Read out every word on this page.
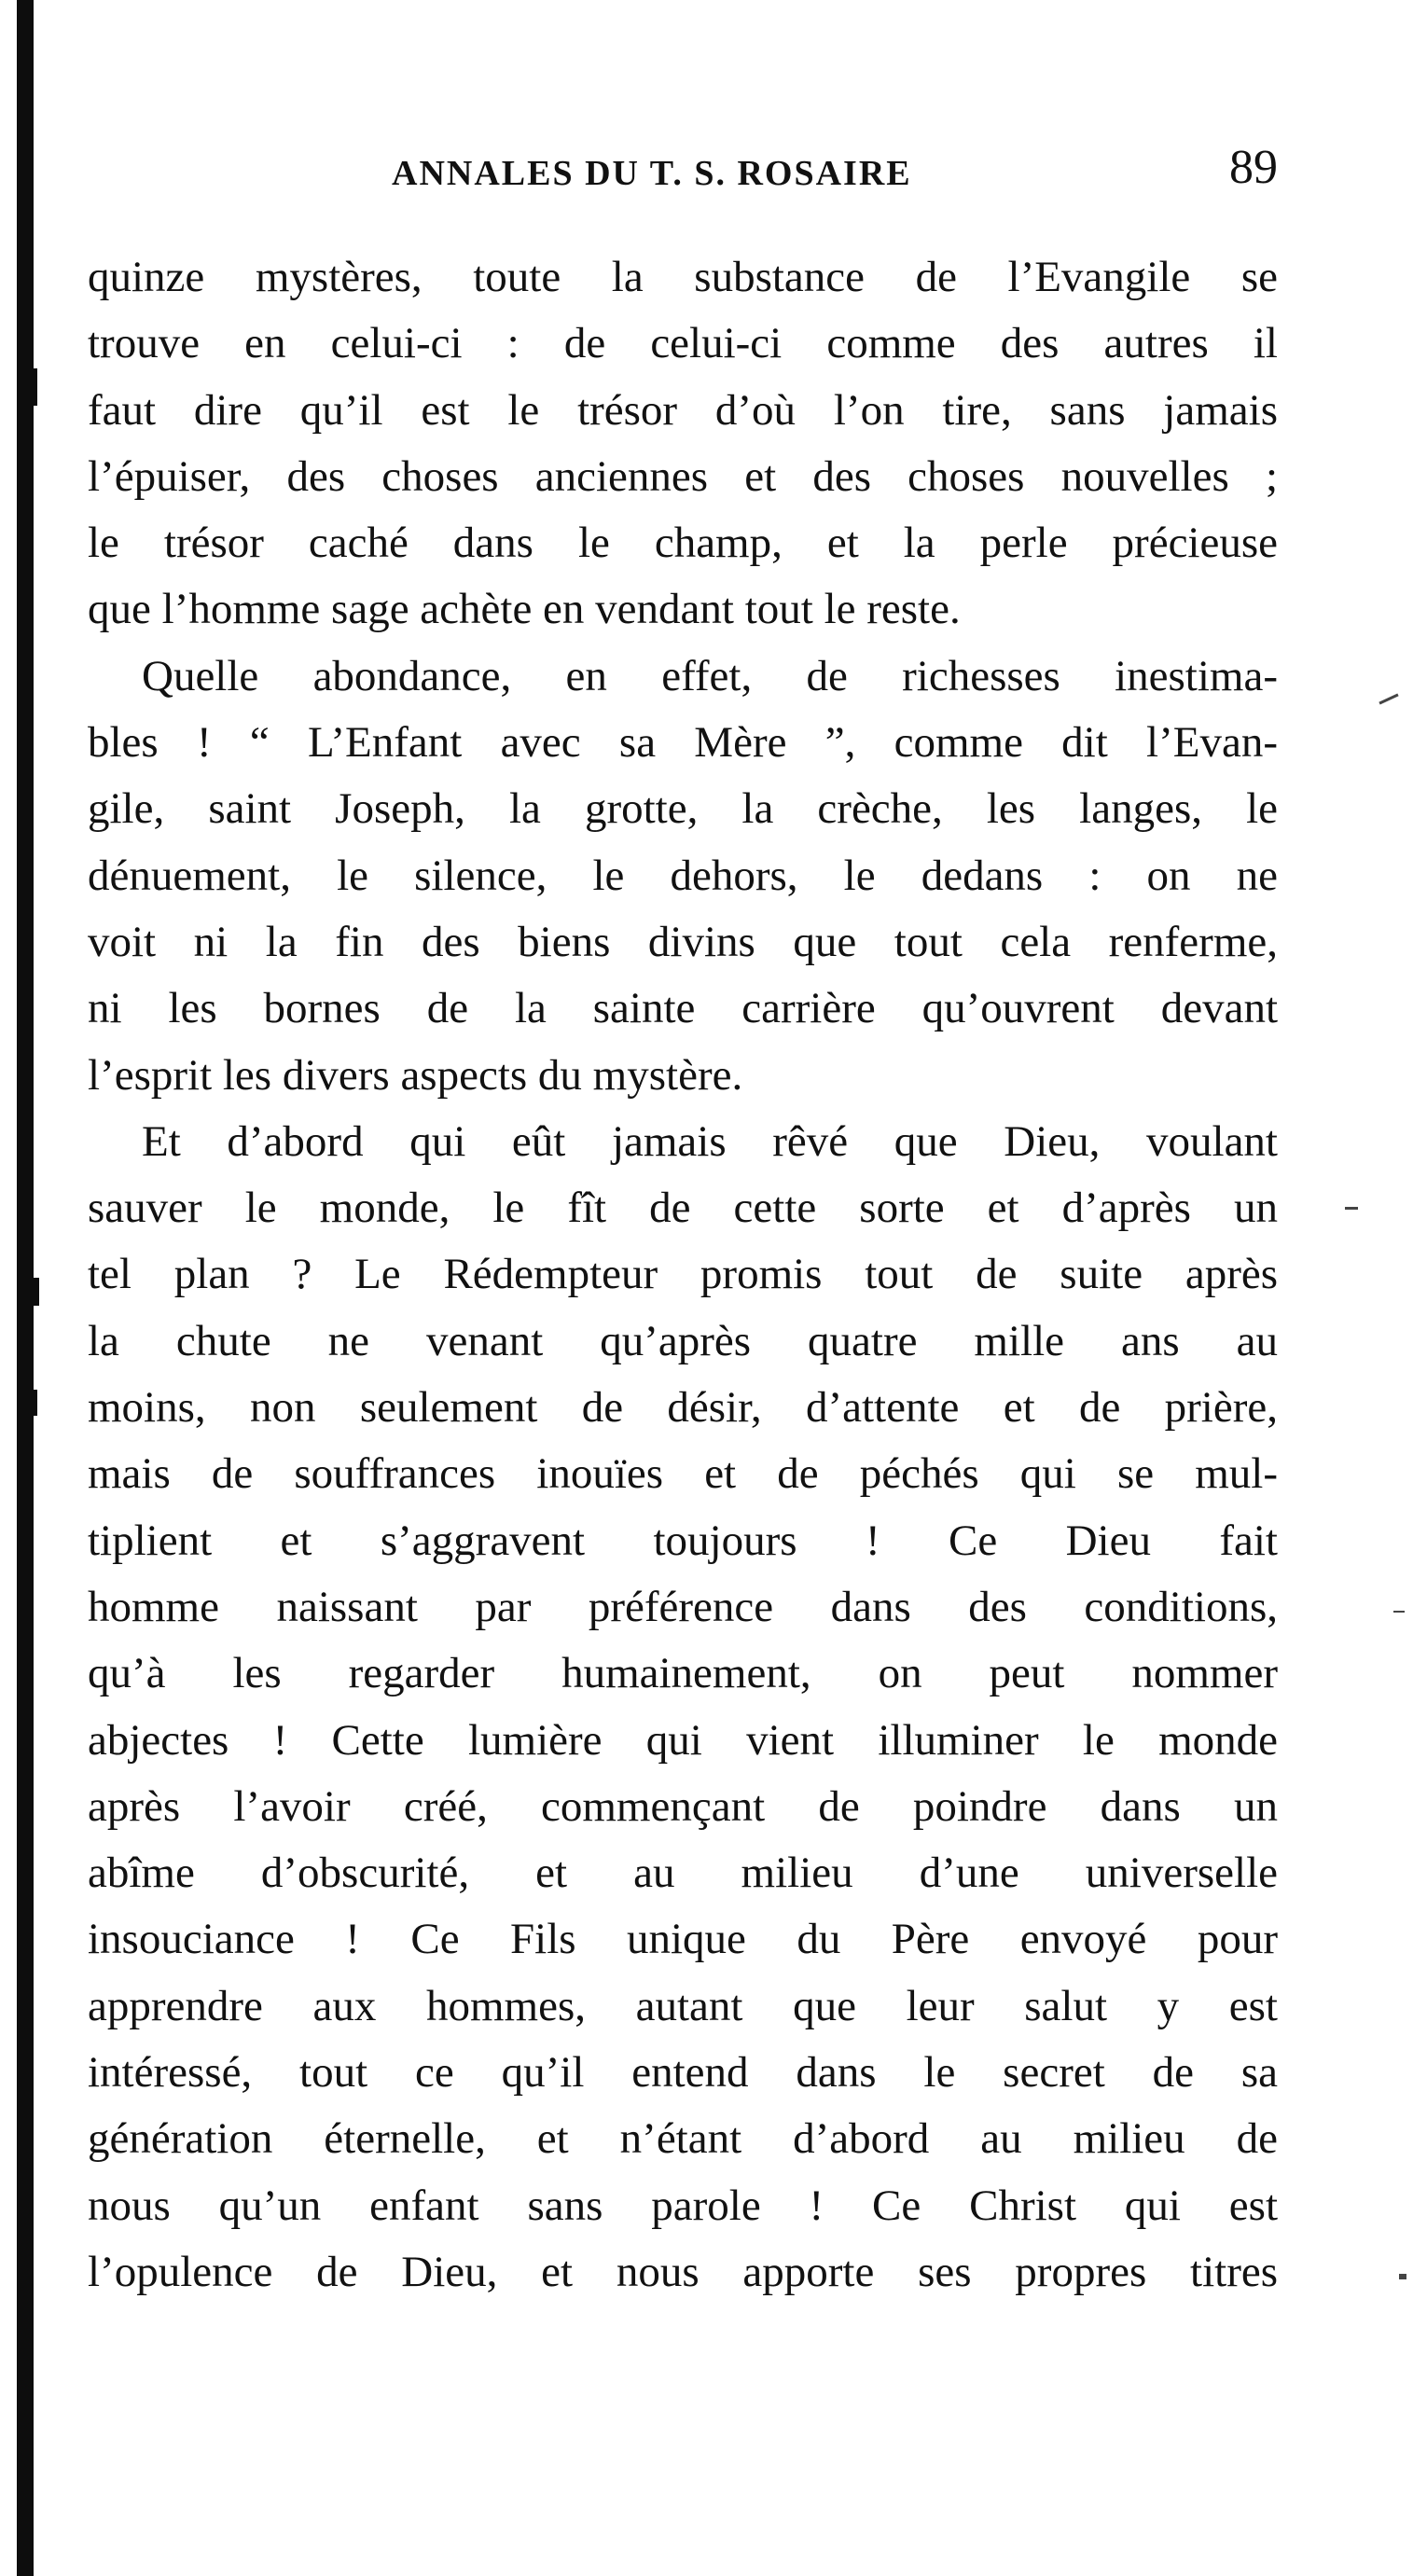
ANNALES DU T. S. ROSAIRE	89
quinze mystères, toute la substance de l’Evangile se
trouve en celui-ci : de celui-ci comme des autres il
faut dire qu’il est le trésor d’où l’on tire, sans jamais
l’épuiser, des choses anciennes et des choses nouvelles ;
le trésor caché dans le champ, et la perle précieuse
que l’homme sage achète en vendant tout le reste.
Quelle abondance, en effet, de richesses inestima-
bles ! “ L’Enfant avec sa Mère ”, comme dit l’Evan-
gile, saint Joseph, la grotte, la crèche, les langes, le
dénuement, le silence, le dehors, le dedans : on ne
voit ni la fin des biens divins que tout cela renferme,
ni les bornes de la sainte carrière qu’ouvrent devant
l’esprit les divers aspects du mystère.
Et d’abord qui eût jamais rêvé que Dieu, voulant
sauver le monde, le fît de cette sorte et d’après un
tel plan ? Le Rédempteur promis tout de suite après
la chute ne venant qu’après quatre mille ans au
moins, non seulement de désir, d’attente et de prière,
mais de souffrances inouïes et de péchés qui se mul-
tiplient et s’aggravent toujours ! Ce Dieu fait
homme naissant par préférence dans des conditions,
qu’à les regarder humainement, on peut nommer
abjectes ! Cette lumière qui vient illuminer le monde
après l’avoir créé, commençant de poindre dans un
abîme d’obscurité, et au milieu d’une universelle
insouciance ! Ce Fils unique du Père envoyé pour
apprendre aux hommes, autant que leur salut y est
intéressé, tout ce qu’il entend dans le secret de sa
génération éternelle, et n’étant d’abord au milieu de
nous qu’un enfant sans parole ! Ce Christ qui est
l’opulence de Dieu, et nous apporte ses propres titres
